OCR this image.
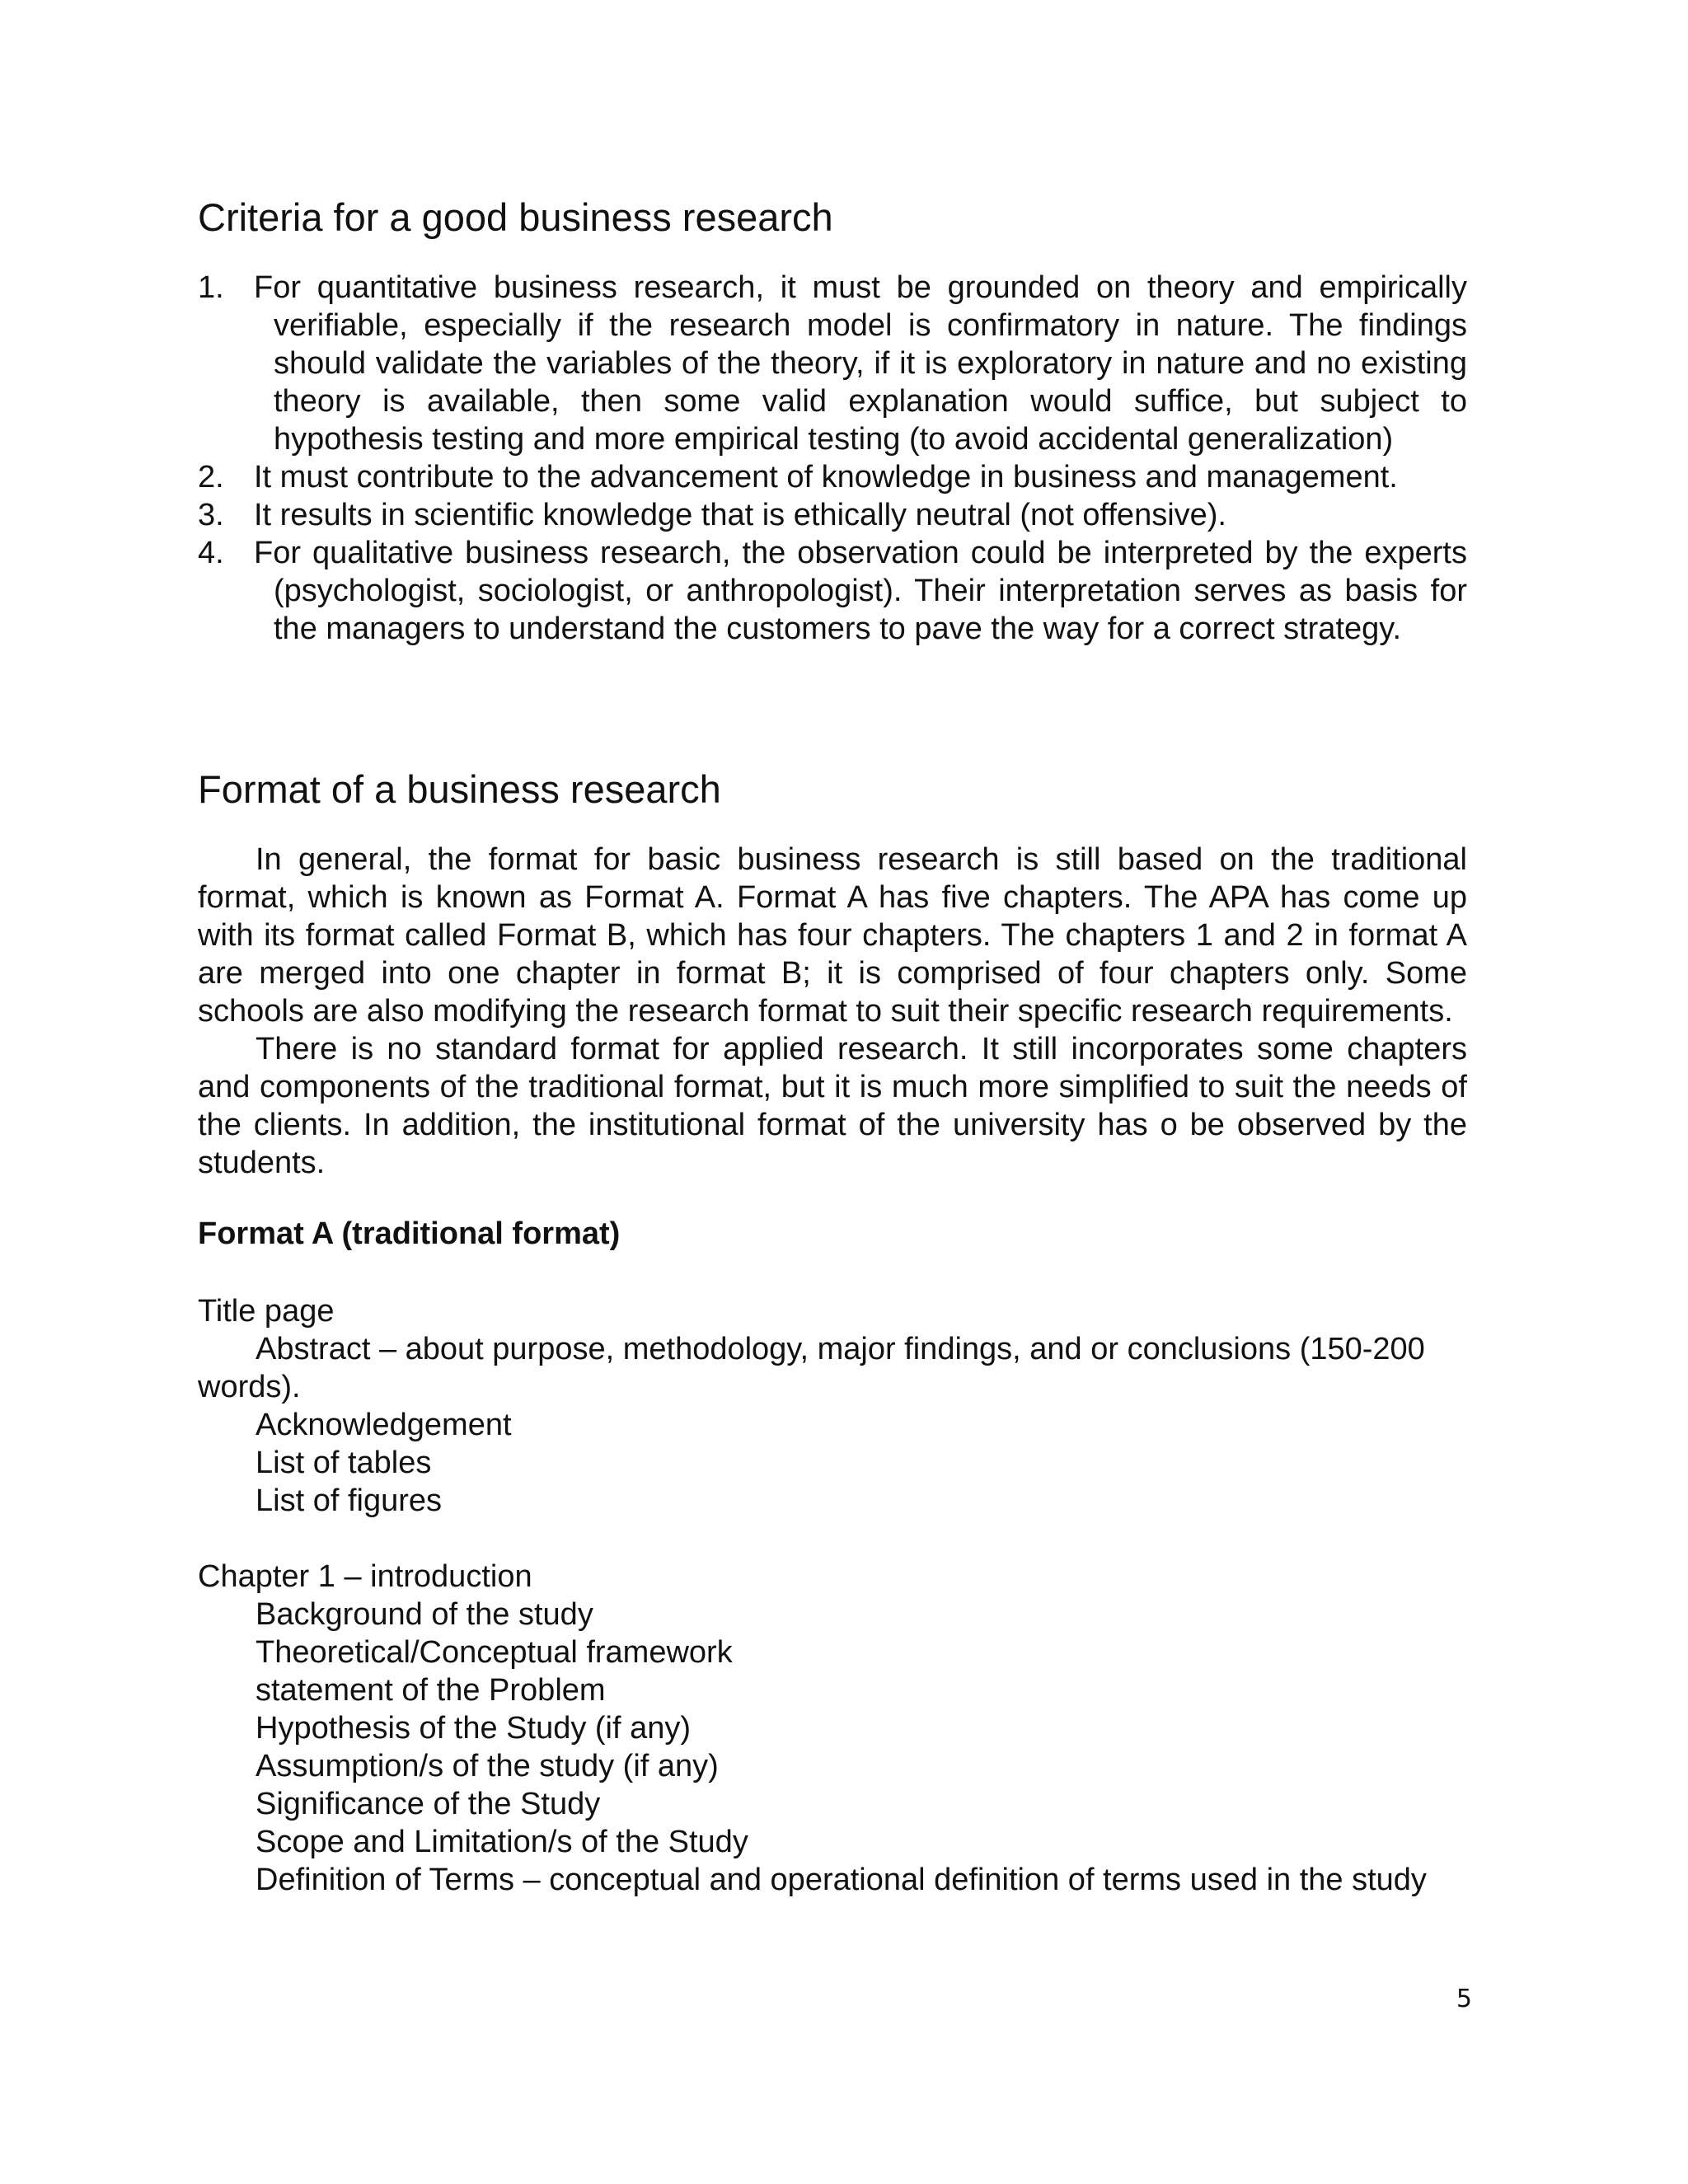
Criteria for a good business research
1. For quantitative business research, it must be grounded on theory and empirically verifiable, especially if the research model is confirmatory in nature. The findings should validate the variables of the theory, if it is exploratory in nature and no existing theory is available, then some valid explanation would suffice, but subject to hypothesis testing and more empirical testing (to avoid accidental generalization)
2. It must contribute to the advancement of knowledge in business and management.
3. It results in scientific knowledge that is ethically neutral (not offensive).
4. For qualitative business research, the observation could be interpreted by the experts (psychologist, sociologist, or anthropologist). Their interpretation serves as basis for the managers to understand the customers to pave the way for a correct strategy.
Format of a business research

In general, the format for basic business research is still based on the traditional format, which is known as Format A. Format A has five chapters. The APA has come up with its format called Format B, which has four chapters. The chapters 1 and 2 in format A are merged into one chapter in format B; it is comprised of four chapters only. Some schools are also modifying the research format to suit their specific research requirements.

There is no standard format for applied research. It still incorporates some chapters and components of the traditional format, but it is much more simplified to suit the needs of the clients. In addition, the institutional format of the university has o be observed by the students.

Format A (traditional format)

Title page

Abstract – about purpose, methodology, major findings, and or conclusions (150-200 words).

Acknowledgement

List of tables

List of figures

Chapter 1 – introduction

Background of the study

Theoretical/Conceptual framework

statement of the Problem

Hypothesis of the Study (if any)

Assumption/s of the study (if any)

Significance of the Study

Scope and Limitation/s of the Study

Definition of Terms – conceptual and operational definition of terms used in the study

5
